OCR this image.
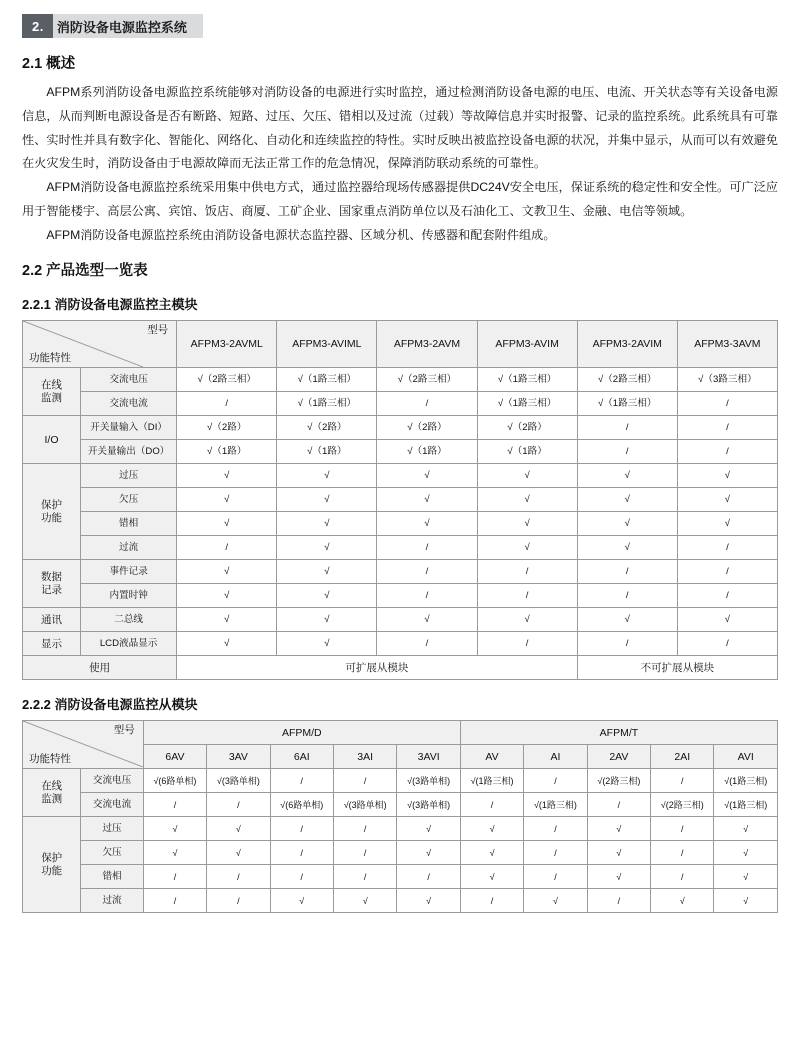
2.	消防设备电源监控系统
2.1 概述

AFPM系列消防设备电源监控系统能够对消防设备的电源进行实时监控，通过检测消防设备电源的电压、电流、开关状态等有关设备电源信息，从而判断电源设备是否有断路、短路、过压、欠压、错相以及过流（过载）等故障信息并实时报警、记录的监控系统。此系统具有可靠性、实时性并具有数字化、智能化、网络化、自动化和连续监控的特性。实时反映出被监控设备电源的状况，并集中显示，从而可以有效避免在火灾发生时，消防设备由于电源故障而无法正常工作的危急情况，保障消防联动系统的可靠性。

AFPM消防设备电源监控系统采用集中供电方式，通过监控器给现场传感器提供DC24V安全电压，保证系统的稳定性和安全性。可广泛应用于智能楼宇、高层公寓、宾馆、饭店、商厦、工矿企业、国家重点消防单位以及石油化工、文教卫生、金融、电信等领域。

AFPM消防设备电源监控系统由消防设备电源状态监控器、区域分机、传感器和配套附件组成。

2.2 产品选型一览表
2.2.1 消防设备电源监控主模块
型号
功能特性		AFPM3-2AVML	AFPM3-AVIML	AFPM3-2AVM	AFPM3-AVIM	AFPM3-2AVIM	AFPM3-3AVM

在线
监测	交流电压	√（2路三相）	√（1路三相）	√（2路三相）	√（1路三相）	√（2路三相）	√（3路三相）
	交流电流	/	√（1路三相）	/	√（1路三相）	√（1路三相）	/

I/O	开关量输入（DI）	√（2路）	√（2路）	√（2路）	√（2路）	/	/
	开关量输出（DO）	√（1路）	√（1路）	√（1路）	√（1路）	/	/

保护
功能	过压	√	√	√	√	√	√
	欠压	√	√	√	√	√	√
	错相	√	√	√	√	√	√
	过流	/	√	/	√	√	/

数据
记录	事件记录	√	√	/	/	/	/
	内置时钟	√	√	/	/	/	/

通讯	二总线	√	√	√	√	√	√

显示	LCD液晶显示	√	√	/	/	/	/
使用		可扩展从模块				不可扩展从模块	
2.2.2 消防设备电源监控从模块
型号
功能特性		AFPM/D					AFPM/T				
		6AV	3AV	6AI	3AI	3AVI	AV	AI	2AV	2AI	AVI

在线
监测	交流电压	√(6路单相)	√(3路单相)	/	/	√(3路单相)	√(1路三相)	/	√(2路三相)	/	√(1路三相)
	交流电流	/	/	√(6路单相)	√(3路单相)	√(3路单相)	/	√(1路三相)	/	√(2路三相)	√(1路三相)

保护
功能	过压	√	√	/	/	√	√	/	√	/	√
	欠压	√	√	/	/	√	√	/	√	/	√
	错相	/	/	/	/	/	√	/	√	/	√
	过流	/	/	√	√	√	/	√	/	√	√
